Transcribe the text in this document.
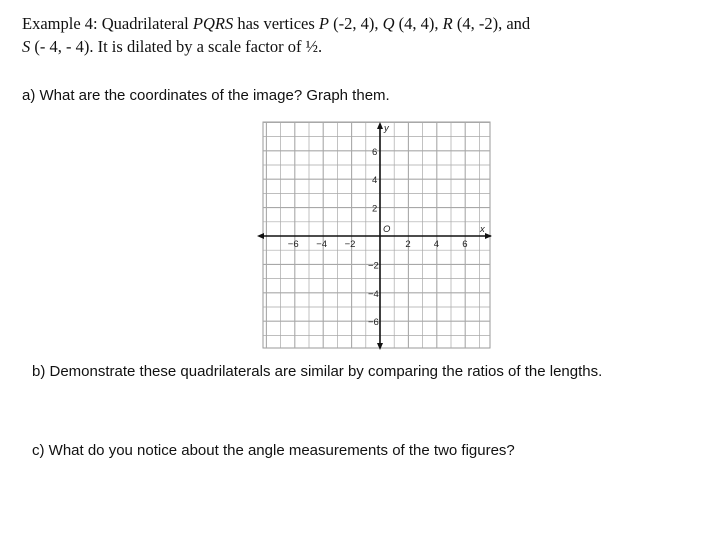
Example 4: Quadrilateral PQRS has vertices P (-2, 4), Q (4, 4), R (4, -2), and
S (- 4, - 4). It is dilated by a scale factor of ½.
a) What are the coordinates of the image? Graph them.
y
x
O
−6 −4 −2	2 4 6
6
4
2
−2
−4
−6
b) Demonstrate these quadrilaterals are similar by comparing the ratios of the lengths.
c) What do you notice about the angle measurements of the two figures?
